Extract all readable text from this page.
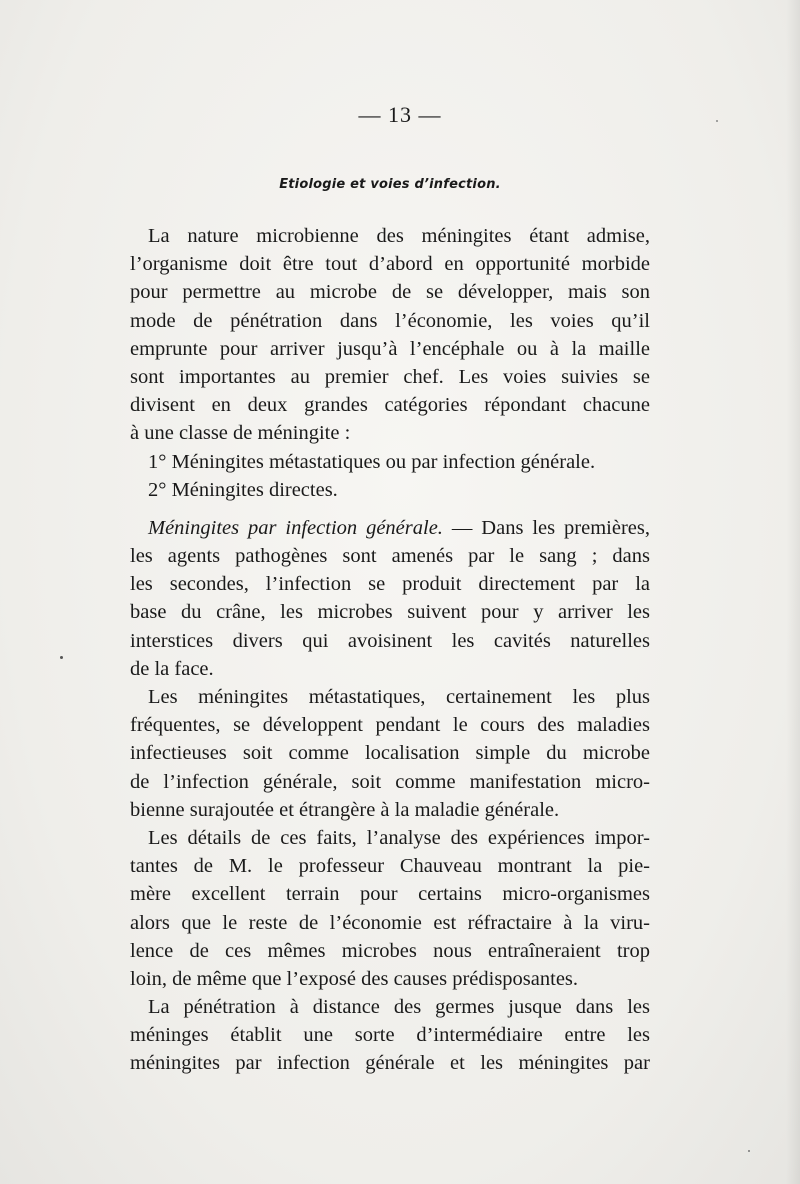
— 13 —
Etiologie et voies d’infection.
La nature microbienne des méningites étant admise,
l’organisme doit être tout d’abord en opportunité morbide
pour permettre au microbe de se développer, mais son
mode de pénétration dans l’économie, les voies qu’il
emprunte pour arriver jusqu’à l’encéphale ou à la maille
sont importantes au premier chef. Les voies suivies se
divisent en deux grandes catégories répondant chacune
à une classe de méningite :
1° Méningites métastatiques ou par infection générale.
2° Méningites directes.
Méningites par infection générale. — Dans les premières,
les agents pathogènes sont amenés par le sang ; dans
les secondes, l’infection se produit directement par la
base du crâne, les microbes suivent pour y arriver les
interstices divers qui avoisinent les cavités naturelles
de la face.
Les méningites métastatiques, certainement les plus
fréquentes, se développent pendant le cours des maladies
infectieuses soit comme localisation simple du microbe
de l’infection générale, soit comme manifestation micro-
bienne surajoutée et étrangère à la maladie générale.
Les détails de ces faits, l’analyse des expériences impor-
tantes de M. le professeur Chauveau montrant la pie-
mère excellent terrain pour certains micro-organismes
alors que le reste de l’économie est réfractaire à la viru-
lence de ces mêmes microbes nous entraîneraient trop
loin, de même que l’exposé des causes prédisposantes.
La pénétration à distance des germes jusque dans les
méninges établit une sorte d’intermédiaire entre les
méningites par infection générale et les méningites par
